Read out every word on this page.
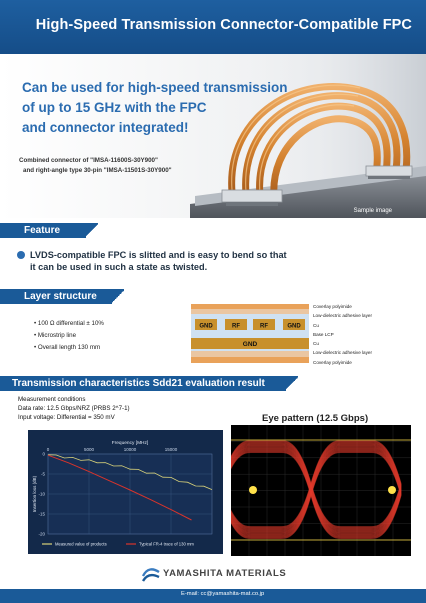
High-Speed Transmission Connector-Compatible FPC
Can be used for high-speed transmission
of up to 15 GHz with the FPC
and connector integrated!
Combined connector of "IMSA-11600S-30Y900"
and right-angle type 30-pin "IMSA-11501S-30Y900"
Sample image
Feature
LVDS-compatible FPC is slitted and is easy to bend so that
it can be used in such a state as twisted.
Layer structure
• 100 Ω differential ± 10%
• Microstrip line
• Overall length 130 mm
GND	RF	RF	GND
GND
Coverlay polyimide
Low-dielectric adhesive layer
Cu
Base LCP
Cu
Low-dielectric adhesive layer
Coverlay polyimide
Transmission characteristics Sdd21 evaluation result
Measurement conditions
Data rate: 12.5 Gbps/NRZ (PRBS 2^7-1)
Input voltage: Differential = 350 mV
Insertion loss of connector + 130 mm FPC (LCP type)
0	5000	10000	15000
0
-5
-10
-15
-20
Frequency [MHz]
Insertion loss (dB)
Measured value of products	Typical FR-4 trace of 130 mm
Eye pattern (12.5 Gbps)
YAMASHITA MATERIALS
E-mail: cc@yamashita-mat.co.jp
